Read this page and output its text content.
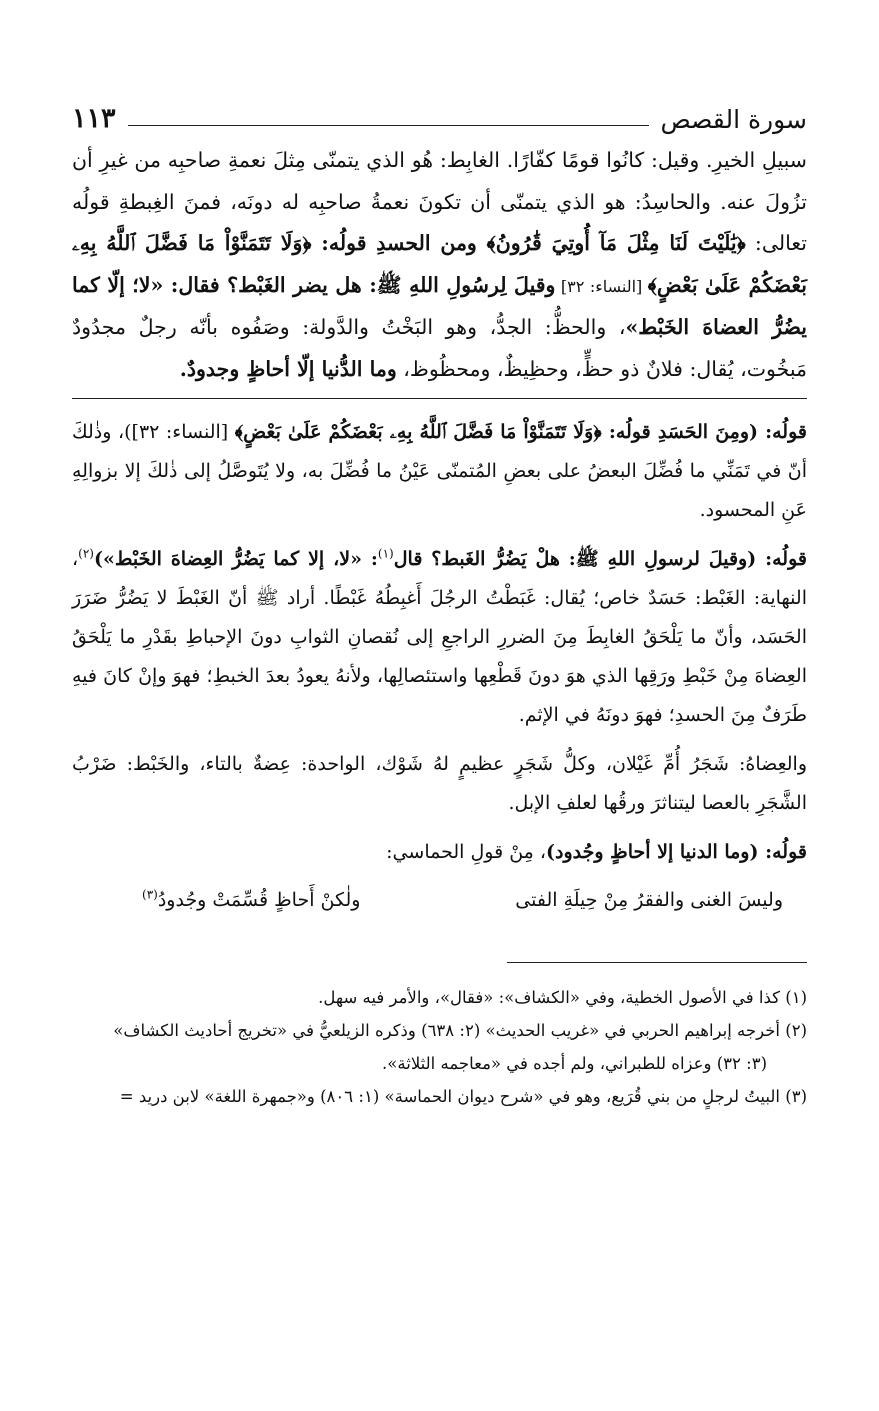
سورة القصص
١١٣

سبيلِ الخيرِ. وقيل: كانُوا قومًا كفّارًا. الغابِط: هُو الذي يتمنّى مِثلَ نعمةِ صاحبِه من غيرِ أن تزُولَ عنه. والحاسِدُ: هو الذي يتمنّى أن تكونَ نعمةُ صاحبِه له دونَه، فمنَ الغِبطةِ قولُه تعالى: ﴿يَٰلَيْتَ لَنَا مِثْلَ مَآ أُوتِيَ قَٰرُونُ﴾ ومن الحسدِ قولُه: ﴿وَلَا تَتَمَنَّوْاْ مَا فَضَّلَ ٱللَّهُ بِهِۦ بَعْضَكُمْ عَلَىٰ بَعْضٍ﴾ [النساء: ٣٢] وقيلَ لِرسُولِ اللهِ ﷺ: هل يضر الغَبْط؟ فقال: «لا؛ إلّا كما يضُرُّ العضاهَ الخَبْط»، والحظُّ: الجدُّ، وهو البَخْتُ والدَّولة: وصَفُوه بأنّه رجلٌ مجدُودٌ مَبخُوت، يُقال: فلانٌ ذو حظٍّ، وحظِيظٌ، ومحظُوظ، وما الدُّنيا إلّا أحاظٍ وجدودٌ.

قولُه: (ومِنَ الحَسَدِ قولُه: ﴿وَلَا تَتَمَنَّوْاْ مَا فَضَّلَ ٱللَّهُ بِهِۦ بَعْضَكُمْ عَلَىٰ بَعْضٍ﴾ [النساء: ٣٢])، وذٰلكَ أنّ في تَمَنِّي ما فُضِّلَ البعضُ على بعضِ المُتمنّى عَيْنُ ما فُضِّلَ به، ولا يُتَوصَّلُ إلى ذٰلكَ إلا بزوالِهِ عَنِ المحسود.

قولُه: (وقيلَ لرسولِ اللهِ ﷺ: هلْ يَضُرُّ الغَبط؟ قال$^{(١)}$: «لا، إلا كما يَضُرُّ العِضاهَ الخَبْط»)$^{(٢)}$، النهاية: الغَبْط: حَسَدٌ خاص؛ يُقال: غَبَطْتُ الرجُلَ أَغبِطُهُ غَبْطًا. أراد ﷺ أنّ الغَبْطَ لا يَضُرُّ ضَرَرَ الحَسَد، وأنّ ما يَلْحَقُ الغابِطَ مِنَ الضررِ الراجعِ إلى نُقصانِ الثوابِ دونَ الإحباطِ بقَدْرِ ما يَلْحَقُ العِضاهَ مِنْ خَبْطِ ورَقِها الذي هوَ دونَ قَطْعِها واستئصالِها، ولأنهُ يعودُ بعدَ الخبطِ؛ فهوَ وإنْ كانَ فيهِ طَرَفٌ مِنَ الحسدِ؛ فهوَ دونَهُ في الإثم.

والعِضاهُ: شَجَرُ أُمِّ غَيْلان، وكلُّ شَجَرٍ عظيمٍ لهُ شَوْك، الواحدة: عِضةٌ بالتاء، والخَبْط: ضَرْبُ الشَّجَرِ بالعصا ليتناثرَ ورقُها لعلفِ الإبل.

قولُه: (وما الدنيا إلا أحاظٍ وجُدود)، مِنْ قولِ الحماسي:

وليسَ الغنى والفقرُ مِنْ حِيلَةِ الفتى
ولٰكنْ أَحاظٍ قُسِّمَتْ وجُدودُ$^{(٣)}$

(١) كذا في الأصول الخطية، وفي «الكشاف»: «فقال»، والأمر فيه سهل.

(٢) أخرجه إبراهيم الحربي في «غريب الحديث» (٢: ٦٣٨) وذكره الزيلعيُّ في «تخريج أحاديث الكشاف»

(٣: ٣٢) وعزاه للطبراني، ولم أجده في «معاجمه الثلاثة».

(٣) البيتُ لرجلٍ من بني قُرَيع، وهو في «شرح ديوان الحماسة» (١: ٨٠٦) و«جمهرة اللغة» لابن دريد =
